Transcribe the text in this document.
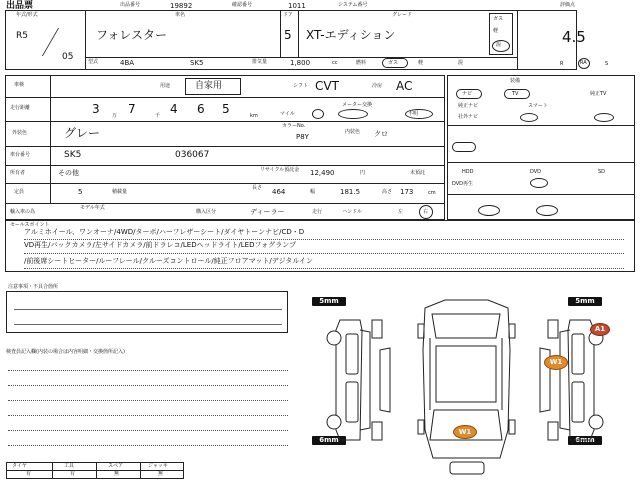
出品票	出品番号	19892	確認番号	1011	システム番号
年式/形式
R5
05
車名
フォレスター
ドア
5
グレード
XT-エディション
ガス
軽
混
型式	4BA	SK5	排気量	1,800	cc	燃料	ガス	軽	混
評価点
4.5
R	RA	S
車検	用途	自家用	シフト CVT	冷房 AC
走行距離	3 7	4 6 5
万	千	km	マイル
メーター交換
不明
外装色	グレー	カラーNo.
P8Y
内装色 クロ
車台番号	SK5	036067
所有者	その他	リサイクル預託金 12,490	円	未預託
定員	5	積載量
長さ 464	幅	181.5	高さ 173	cm
輸入車の為
モデル年式
購入区分	ディーラー	走行	ハンドル	左	右
装備
ナビ	TV
純正ナビ
純正TV
社外ナビ
スマート
HDD	DVD	SD
DVD再生
セールスポイント
アルミホイール、ワンオーナ/4WD/ターボ/ハーフレザーシート/ダイヤトーンナビ/CD・D
VD再生/バックカメラ/左サイドカメラ/前ドラレコ/LEDヘッドライト/LEDフォグランプ
/前後席シートヒーター/ルーフレール/クルーズコントロール/純正フロアマット/デジタルイン
注意事項・不具合箇所
検査員記入欄(内装の場合は内容明細・交換箇所記入)
タイヤ	工具	スペア	ジャッキ
有	有	無	無
5mm	5mm
6mm	6mm
A1
W1
W1
